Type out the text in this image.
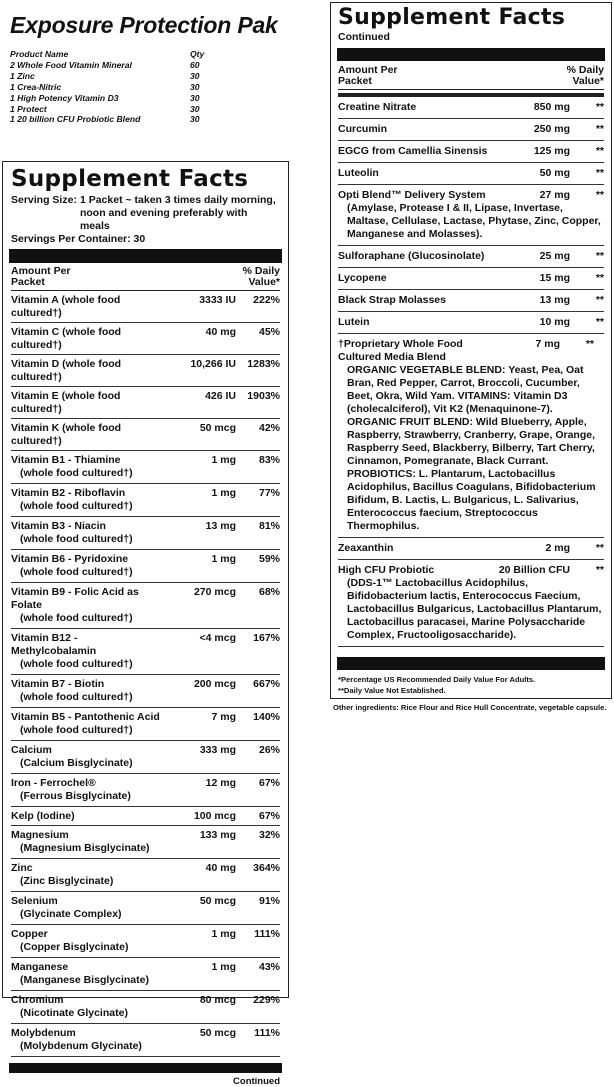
Exposure Protection Pak
Product Name	Qty
2 Whole Food Vitamin Mineral	60
1 Zinc	30
1 Crea-Nitric	30
1 High Potency Vitamin D3	30
1 Protect	30
1 20 billion CFU Probiotic Blend	30
Supplement Facts
Serving Size: 1 Packet ~ taken 3 times daily morning, noon and evening preferably with meals
Servings Per Container: 30
Amount Per Packet
% Daily Value*
Vitamin A (whole food cultured†)
3333 IU	222%
Vitamin C (whole food cultured†)
40 mg	45%
Vitamin D (whole food cultured†)
10,266 IU	1283%
Vitamin E (whole food cultured†)
426 IU	1903%
Vitamin K (whole food cultured†)
50 mcg	42%
Vitamin B1 - Thiamine	1 mg	83%
(whole food cultured†)
Vitamin B2 - Riboflavin	1 mg	77%
(whole food cultured†)
Vitamin B3 - Niacin	13 mg	81%
(whole food cultured†)
Vitamin B6 - Pyridoxine	1 mg	59%
(whole food cultured†)
Vitamin B9 - Folic Acid as Folate
270 mcg	68%
(whole food cultured†)
Vitamin B12 - Methylcobalamin
<4 mcg	167%
(whole food cultured†)
Vitamin B7 - Biotin	200 mcg	667%
(whole food cultured†)
Vitamin B5 - Pantothenic Acid	7 mg	140%
(whole food cultured†)
Calcium	333 mg	26%
(Calcium Bisglycinate)
Iron - Ferrochel®	12 mg	67%
(Ferrous Bisglycinate)
Kelp (Iodine)	100 mcg	67%
Magnesium	133 mg	32%
(Magnesium Bisglycinate)
Zinc	40 mg	364%
(Zinc Bisglycinate)
Selenium	50 mcg	91%
(Glycinate Complex)
Copper	1 mg	111%
(Copper Bisglycinate)
Manganese	1 mg	43%
(Manganese Bisglycinate)
Chromium	80 mcg	229%
(Nicotinate Glycinate)
Molybdenum	50 mcg	111%
(Molybdenum Glycinate)
Continued
Supplement Facts
Continued
Amount Per Packet
% Daily Value*
Creatine Nitrate	850 mg	**
Curcumin	250 mg	**
EGCG from Camellia Sinensis	125 mg	**
Luteolin	50 mg	**
Opti Blend™ Delivery System	27 mg	**
(Amylase, Protease I & II, Lipase, Invertase, Maltase, Cellulase, Lactase, Phytase, Zinc, Copper, Manganese and Molasses).
Sulforaphane (Glucosinolate)	25 mg	**
Lycopene	15 mg	**
Black Strap Molasses	13 mg	**
Lutein	10 mg	**
†Proprietary Whole Food Cultured Media Blend
7 mg	**
ORGANIC VEGETABLE BLEND: Yeast, Pea, Oat Bran, Red Pepper, Carrot, Broccoli, Cucumber, Beet, Okra, Wild Yam. VITAMINS: Vitamin D3 (cholecalciferol), Vit K2 (Menaquinone-7). ORGANIC FRUIT BLEND: Wild Blueberry, Apple, Raspberry, Strawberry, Cranberry, Grape, Orange, Raspberry Seed, Blackberry, Bilberry, Tart Cherry, Cinnamon, Pomegranate, Black Currant. PROBIOTICS: L. Plantarum, Lactobacillus Acidophilus, Bacillus Coagulans, Bifidobacterium Bifidum, B. Lactis, L. Bulgaricus, L. Salivarius, Enterococcus faecium, Streptococcus Thermophilus.
Zeaxanthin	2 mg	**
High CFU Probiotic	20 Billion CFU	**
(DDS-1™ Lactobacillus Acidophilus, Bifidobacterium lactis, Enterococcus Faecium, Lactobacillus Bulgaricus, Lactobacillus Plantarum, Lactobacillus paracasei, Marine Polysaccharide Complex, Fructooligosaccharide).
*Percentage US Recommended Daily Value For Adults.
**Daily Value Not Established.
Other ingredients: Rice Flour and Rice Hull Concentrate, vegetable capsule.
